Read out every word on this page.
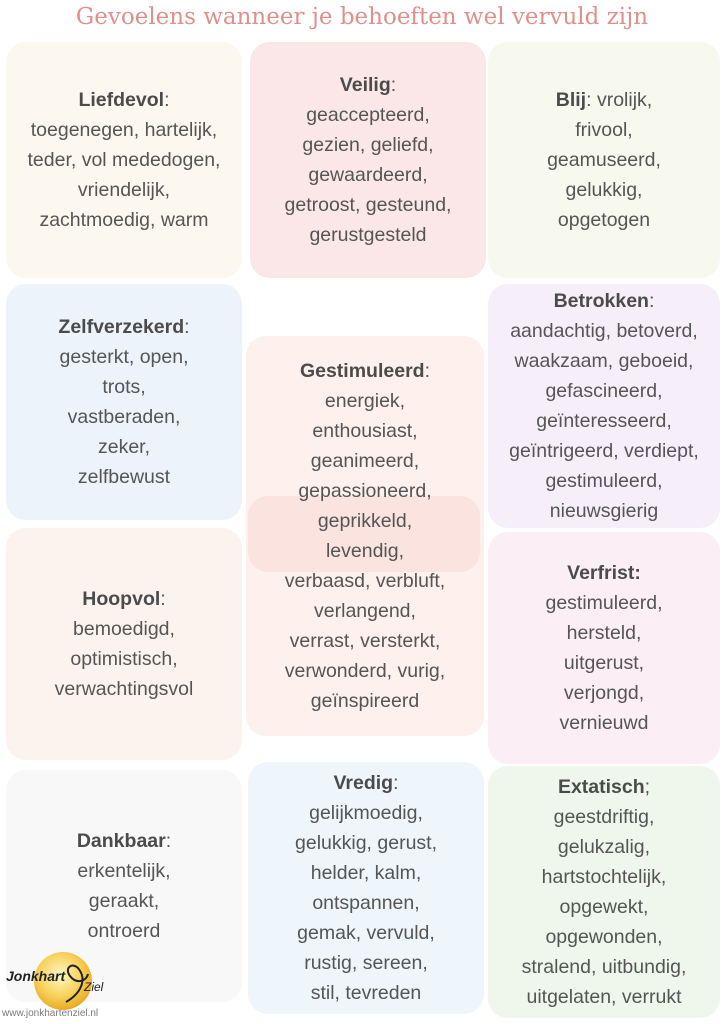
Gevoelens wanneer je behoeften wel vervuld zijn
Liefdevol:
toegenegen, hartelijk,
teder, vol mededogen,
vriendelijk,
zachtmoedig, warm
Veilig:
geaccepteerd,
gezien, geliefd,
gewaardeerd,
getroost, gesteund,
gerustgesteld
Blij: vrolijk,
frivool,
geamuseerd,
gelukkig,
opgetogen
Zelfverzekerd:
gesterkt, open,
trots,
vastberaden,
zeker,
zelfbewust
Gestimuleerd:
energiek,
enthousiast,
geanimeerd,
gepassioneerd,
geprikkeld,
levendig,
verbaasd, verbluft,
verlangend,
verrast, versterkt,
verwonderd, vurig,
geïnspireerd
Betrokken:
aandachtig, betoverd,
waakzaam, geboeid,
gefascineerd,
geïnteresseerd,
geïntrigeerd, verdiept,
gestimuleerd,
nieuwsgierig
Hoopvol:
bemoedigd,
optimistisch,
verwachtingsvol
Verfrist:
gestimuleerd,
hersteld,
uitgerust,
verjongd,
vernieuwd
Dankbaar:
erkentelijk,
geraakt,
ontroerd
Vredig:
gelijkmoedig,
gelukkig, gerust,
helder, kalm,
ontspannen,
gemak, vervuld,
rustig, sereen,
stil, tevreden
Extatisch;
geestdriftig,
gelukzalig,
hartstochtelijk,
opgewekt,
opgewonden,
stralend, uitbundig,
uitgelaten, verrukt
Jonkhart
Ziel
www.jonkhartenziel.nl
